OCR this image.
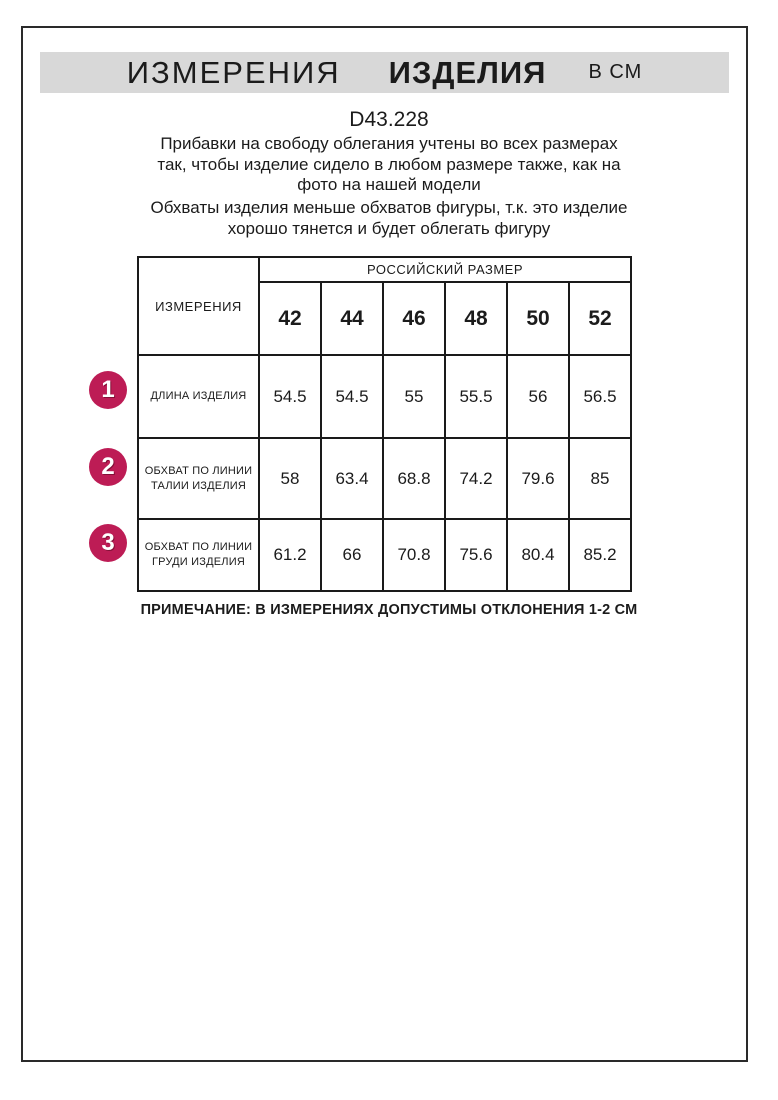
ИЗМЕРЕНИЯ ИЗДЕЛИЯ В СМ
D43.228
Прибавки на свободу облегания учтены во всех размерах
так, чтобы изделие сидело в любом размере также, как на
фото на нашей модели
Обхваты изделия меньше обхватов фигуры, т.к. это изделие
хорошо тянется и будет облегать фигуру
ИЗМЕРЕНИЯ	РОССИЙСКИЙ РАЗМЕР					
	42	44	46	48	50	52
ДЛИНА ИЗДЕЛИЯ	54.5	54.5	55	55.5	56	56.5
ОБХВАТ ПО ЛИНИИ ТАЛИИ ИЗДЕЛИЯ	58	63.4	68.8	74.2	79.6	85
ОБХВАТ ПО ЛИНИИ ГРУДИ ИЗДЕЛИЯ	61.2	66	70.8	75.6	80.4	85.2
1
2
3
ПРИМЕЧАНИЕ: В ИЗМЕРЕНИЯХ ДОПУСТИМЫ ОТКЛОНЕНИЯ 1-2 СМ
